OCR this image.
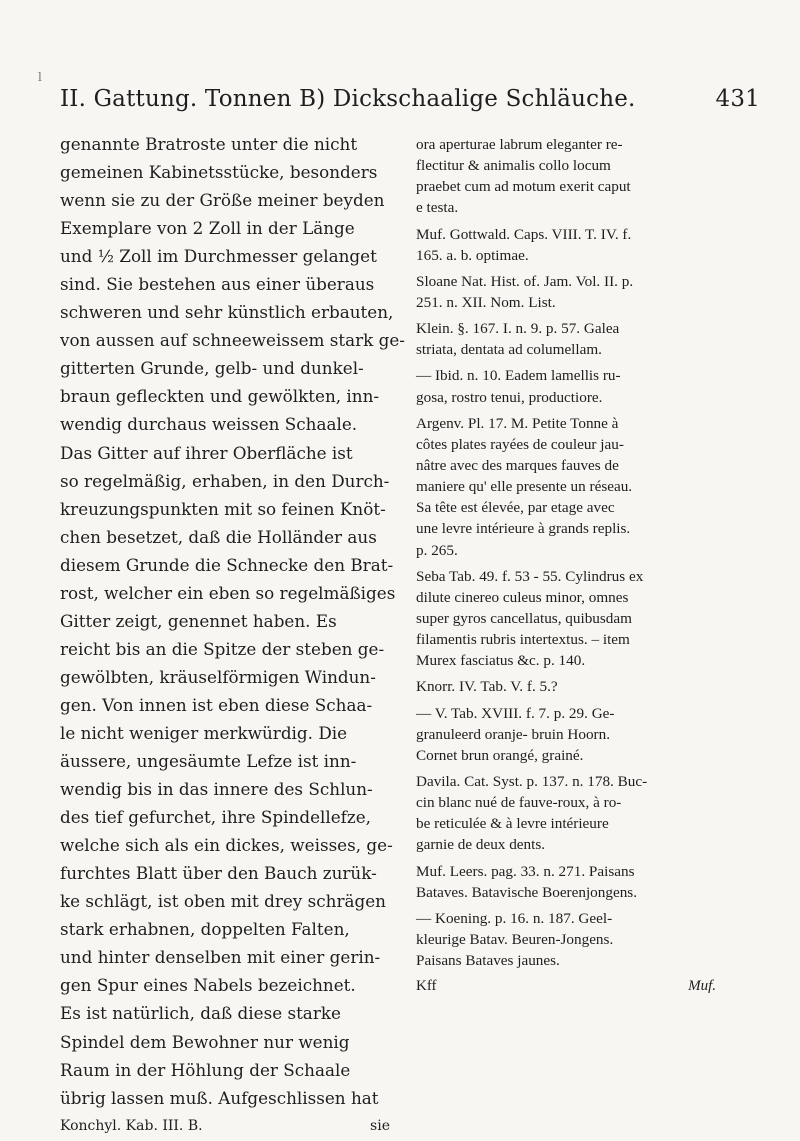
l
II. Gattung. Tonnen B) Dickschaalige Schläuche.	431
genannte Bratroste unter die nicht
gemeinen Kabinetsstücke, besonders
wenn sie zu der Größe meiner beyden
Exemplare von 2 Zoll in der Länge
und ½ Zoll im Durchmesser gelanget
sind. Sie bestehen aus einer überaus
schweren und sehr künstlich erbauten,
von aussen auf schneeweissem stark ge-
gitterten Grunde, gelb- und dunkel-
braun gefleckten und gewölkten, inn-
wendig durchaus weissen Schaale.
Das Gitter auf ihrer Oberfläche ist
so regelmäßig, erhaben, in den Durch-
kreuzungspunkten mit so feinen Knöt-
chen besetzet, daß die Holländer aus
diesem Grunde die Schnecke den Brat-
rost, welcher ein eben so regelmäßiges
Gitter zeigt, genennet haben. Es
reicht bis an die Spitze der steben ge-
gewölbten, kräuselförmigen Windun-
gen. Von innen ist eben diese Schaa-
le nicht weniger merkwürdig. Die
äussere, ungesäumte Lefze ist inn-
wendig bis in das innere des Schlun-
des tief gefurchet, ihre Spindellefze,
welche sich als ein dickes, weisses, ge-
furchtes Blatt über den Bauch zurük-
ke schlägt, ist oben mit drey schrägen
stark erhabnen, doppelten Falten,
und hinter denselben mit einer gerin-
gen Spur eines Nabels bezeichnet.
Es ist natürlich, daß diese starke
Spindel dem Bewohner nur wenig
Raum in der Höhlung der Schaale
übrig lassen muß. Aufgeschlissen hat
Konchyl. Kab. III. B.	sie
ora aperturae labrum eleganter re-
flectitur & animalis collo locum
praebet cum ad motum exerit caput
e testa.
Muf. Gottwald. Caps. VIII. T. IV. f.
165. a. b. optimae.
Sloane Nat. Hist. of. Jam. Vol. II. p.
251. n. XII. Nom. List.
Klein. §. 167. I. n. 9. p. 57. Galea
striata, dentata ad columellam.
— Ibid. n. 10. Eadem lamellis ru-
gosa, rostro tenui, productiore.
Argenv. Pl. 17. M. Petite Tonne à
côtes plates rayées de couleur jau-
nâtre avec des marques fauves de
maniere qu' elle presente un réseau.
Sa tête est élevée, par etage avec
une levre intérieure à grands replis.
p. 265.
Seba Tab. 49. f. 53 - 55. Cylindrus ex
dilute cinereo culeus minor, omnes
super gyros cancellatus, quibusdam
filamentis rubris intertextus. – item
Murex fasciatus &c. p. 140.
Knorr. IV. Tab. V. f. 5.?
— V. Tab. XVIII. f. 7. p. 29. Ge-
granuleerd oranje- bruin Hoorn.
Cornet brun orangé, grainé.
Davila. Cat. Syst. p. 137. n. 178. Buc-
cin blanc nué de fauve-roux, à ro-
be reticulée & à levre intérieure
garnie de deux dents.
Muf. Leers. pag. 33. n. 271. Paisans
Bataves. Batavische Boerenjongens.
— Koening. p. 16. n. 187. Geel-
kleurige Batav. Beuren-Jongens.
Paisans Bataves jaunes.
Kff	Muf.
